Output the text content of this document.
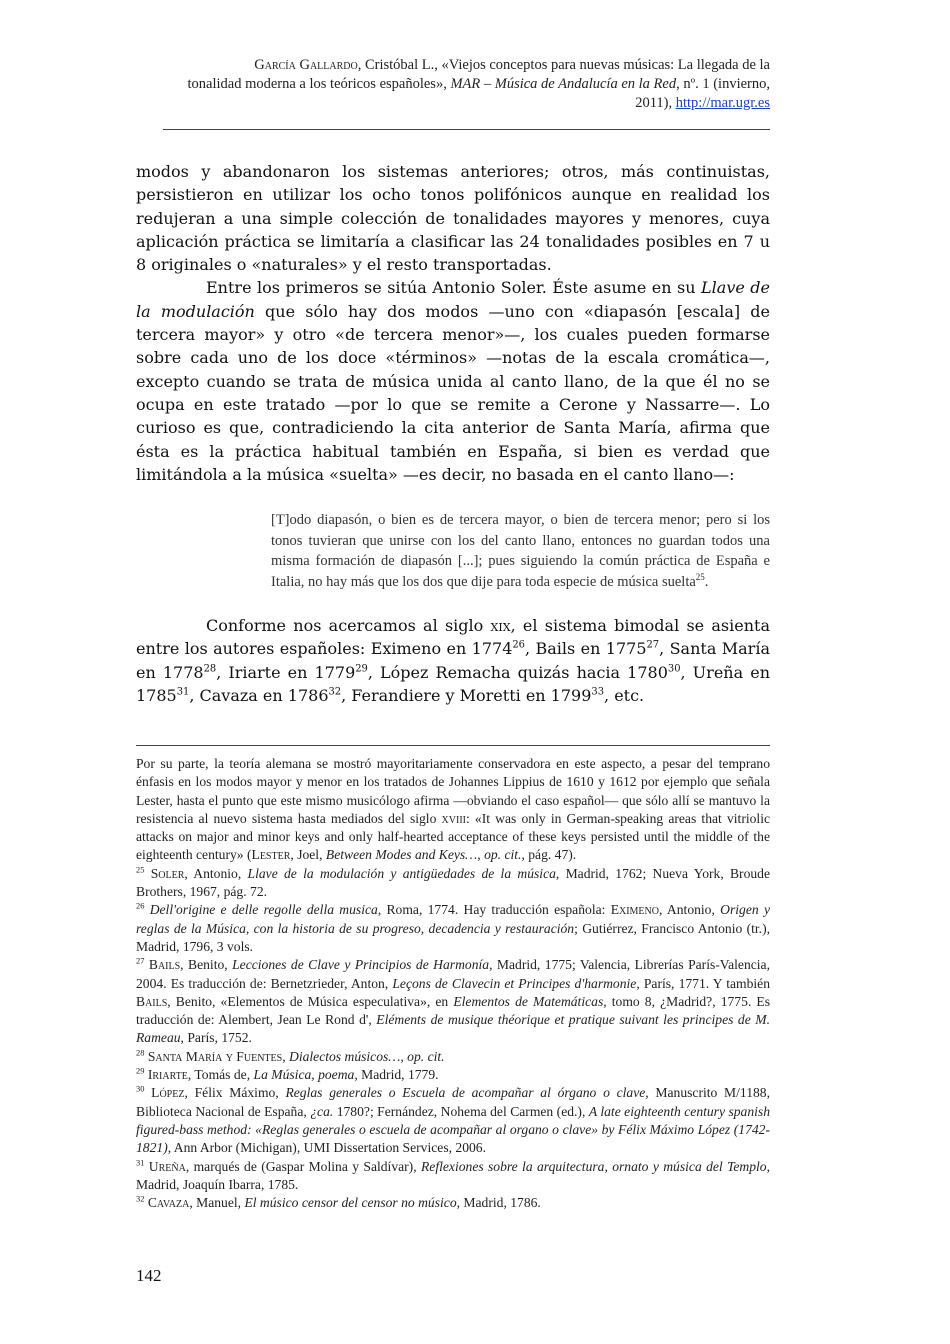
García Gallardo, Cristóbal L., «Viejos conceptos para nuevas músicas: La llegada de la
tonalidad moderna a los teóricos españoles», MAR – Música de Andalucía en la Red, nº. 1 (invierno,
2011), http://mar.ugr.es

modos y abandonaron los sistemas anteriores; otros, más continuistas, persistieron en utilizar los ocho tonos polifónicos aunque en realidad los redujeran a una simple colección de tonalidades mayores y menores, cuya aplicación práctica se limitaría a clasificar las 24 tonalidades posibles en 7 u 8 originales o «naturales» y el resto transportadas.

Entre los primeros se sitúa Antonio Soler. Éste asume en su Llave de la modulación que sólo hay dos modos —uno con «diapasón [escala] de tercera mayor» y otro «de tercera menor»—, los cuales pueden formarse sobre cada uno de los doce «términos» —notas de la escala cromática—, excepto cuando se trata de música unida al canto llano, de la que él no se ocupa en este tratado —por lo que se remite a Cerone y Nassarre—. Lo curioso es que, contradiciendo la cita anterior de Santa María, afirma que ésta es la práctica habitual también en España, si bien es verdad que limitándola a la música «suelta» —es decir, no basada en el canto llano—:

[T]odo diapasón, o bien es de tercera mayor, o bien de tercera menor; pero si los tonos tuvieran que unirse con los del canto llano, entonces no guardan todos una misma formación de diapasón [...]; pues siguiendo la común práctica de España e Italia, no hay más que los dos que dije para toda especie de música suelta$^{25}$.

Conforme nos acercamos al siglo xix, el sistema bimodal se asienta entre los autores españoles: Eximeno en 1774$^{26}$, Bails en 1775$^{27}$, Santa María en 1778$^{28}$, Iriarte en 1779$^{29}$, López Remacha quizás hacia 1780$^{30}$, Ureña en 1785$^{31}$, Cavaza en 1786$^{32}$, Ferandiere y Moretti en 1799$^{33}$, etc.

Por su parte, la teoría alemana se mostró mayoritariamente conservadora en este aspecto, a pesar del temprano énfasis en los modos mayor y menor en los tratados de Johannes Lippius de 1610 y 1612 por ejemplo que señala Lester, hasta el punto que este mismo musicólogo afirma —obviando el caso español— que sólo allí se mantuvo la resistencia al nuevo sistema hasta mediados del siglo xviii: «It was only in German-speaking areas that vitriolic attacks on major and minor keys and only half-hearted acceptance of these keys persisted until the middle of the eighteenth century» (Lester, Joel, Between Modes and Keys…, op. cit., pág. 47).

$^{25}$ Soler, Antonio, Llave de la modulación y antigüedades de la música, Madrid, 1762; Nueva York, Broude Brothers, 1967, pág. 72.

$^{26}$ Dell'origine e delle regolle della musica, Roma, 1774. Hay traducción española: Eximeno, Antonio, Origen y reglas de la Música, con la historia de su progreso, decadencia y restauración; Gutiérrez, Francisco Antonio (tr.), Madrid, 1796, 3 vols.

$^{27}$ Bails, Benito, Lecciones de Clave y Principios de Harmonía, Madrid, 1775; Valencia, Librerías París-Valencia, 2004. Es traducción de: Bernetzrieder, Anton, Leçons de Clavecin et Principes d'harmonie, París, 1771. Y también Bails, Benito, «Elementos de Música especulativa», en Elementos de Matemáticas, tomo 8, ¿Madrid?, 1775. Es traducción de: Alembert, Jean Le Rond d', Eléments de musique théorique et pratique suivant les principes de M. Rameau, París, 1752.

$^{28}$ Santa María y Fuentes, Dialectos músicos…, op. cit.

$^{29}$ Iriarte, Tomás de, La Música, poema, Madrid, 1779.

$^{30}$ López, Félix Máximo, Reglas generales o Escuela de acompañar al órgano o clave, Manuscrito M/1188, Biblioteca Nacional de España, ¿ca. 1780?; Fernández, Nohema del Carmen (ed.), A late eighteenth century spanish figured-bass method: «Reglas generales o escuela de acompañar al organo o clave» by Félix Máximo López (1742-1821), Ann Arbor (Michigan), UMI Dissertation Services, 2006.

$^{31}$ Ureña, marqués de (Gaspar Molina y Saldívar), Reflexiones sobre la arquitectura, ornato y música del Templo, Madrid, Joaquín Ibarra, 1785.

$^{32}$ Cavaza, Manuel, El músico censor del censor no músico, Madrid, 1786.

142
